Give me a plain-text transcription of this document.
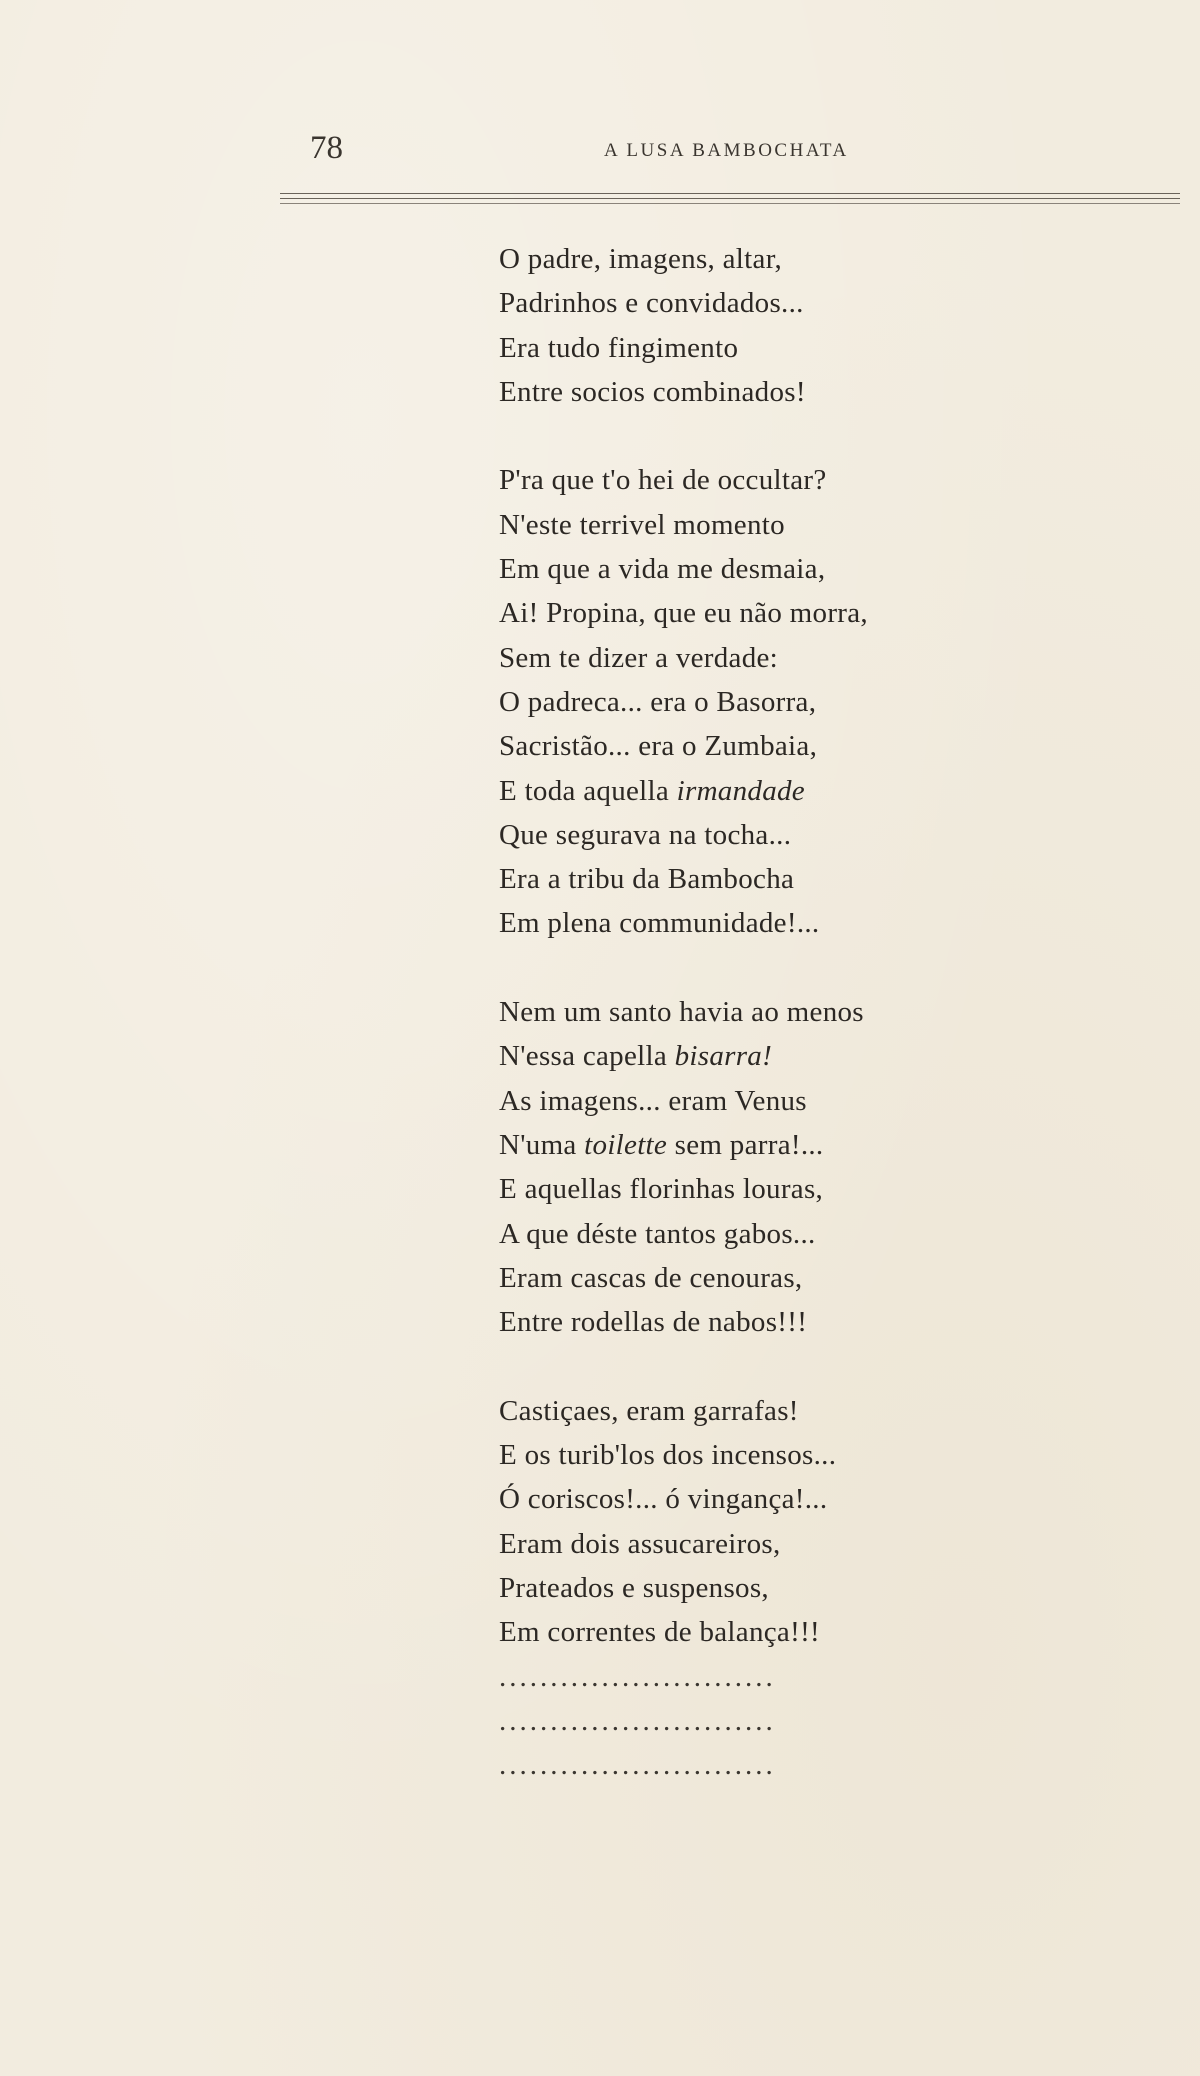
78	A LUSA BAMBOCHATA
O padre, imagens, altar,
Padrinhos e convidados...
Era tudo fingimento
Entre socios combinados!
P'ra que t'o hei de occultar?
N'este terrivel momento
Em que a vida me desmaia,
Ai! Propina, que eu não morra,
Sem te dizer a verdade:
O padreca... era o Basorra,
Sacristão... era o Zumbaia,
E toda aquella irmandade
Que segurava na tocha...
Era a tribu da Bambocha
Em plena communidade!...
Nem um santo havia ao menos
N'essa capella bisarra!
As imagens... eram Venus
N'uma toilette sem parra!...
E aquellas florinhas louras,
A que déste tantos gabos...
Eram cascas de cenouras,
Entre rodellas de nabos!!!
Castiçaes, eram garrafas!
E os turib'los dos incensos...
Ó coriscos!... ó vingança!...
Eram dois assucareiros,
Prateados e suspensos,
Em correntes de balança!!!
...........................
...........................
...........................
